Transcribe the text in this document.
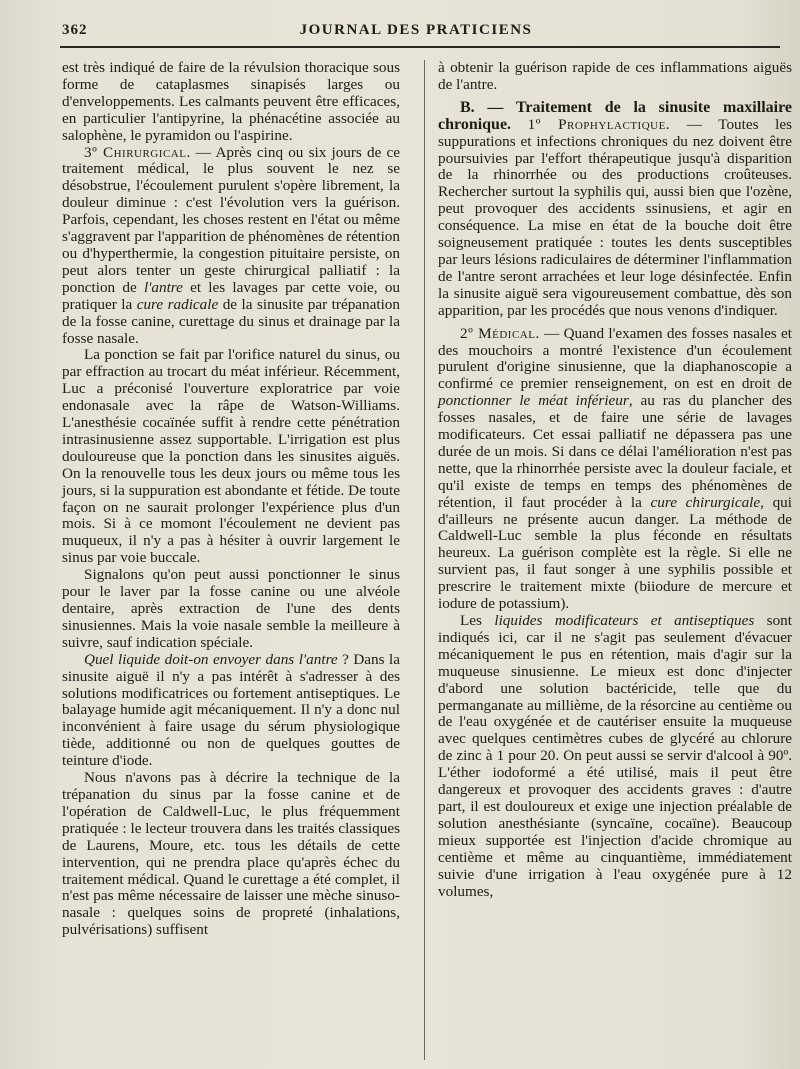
362	JOURNAL DES PRATICIENS

est très indiqué de faire de la révulsion thoracique sous forme de cataplasmes sinapisés larges ou d'enveloppements. Les calmants peuvent être efficaces, en particulier l'antipyrine, la phénacétine associée au salophène, le pyramidon ou l'aspirine.

3º Chirurgical. — Après cinq ou six jours de ce traitement médical, le plus souvent le nez se désobstrue, l'écoulement purulent s'opère librement, la douleur diminue : c'est l'évolution vers la guérison. Parfois, cependant, les choses restent en l'état ou même s'aggravent par l'apparition de phénomènes de rétention ou d'hyperthermie, la congestion pituitaire persiste, on peut alors tenter un geste chirurgical palliatif : la ponction de l'antre et les lavages par cette voie, ou pratiquer la cure radicale de la sinusite par trépanation de la fosse canine, curettage du sinus et drainage par la fosse nasale.

La ponction se fait par l'orifice naturel du sinus, ou par effraction au trocart du méat inférieur. Récemment, Luc a préconisé l'ouverture exploratrice par voie endonasale avec la râpe de Watson-Williams. L'anesthésie cocaïnée suffit à rendre cette pénétration intrasinusienne assez supportable. L'irrigation est plus douloureuse que la ponction dans les sinusites aiguës. On la renouvelle tous les deux jours ou même tous les jours, si la suppuration est abondante et fétide. De toute façon on ne saurait prolonger l'expérience plus d'un mois. Si à ce momont l'écoulement ne devient pas muqueux, il n'y a pas à hésiter à ouvrir largement le sinus par voie buccale.

Signalons qu'on peut aussi ponctionner le sinus pour le laver par la fosse canine ou une alvéole dentaire, après extraction de l'une des dents sinusiennes. Mais la voie nasale semble la meilleure à suivre, sauf indication spéciale.

Quel liquide doit-on envoyer dans l'antre ? Dans la sinusite aiguë il n'y a pas intérêt à s'adresser à des solutions modificatrices ou fortement antiseptiques. Le balayage humide agit mécaniquement. Il n'y a donc nul inconvénient à faire usage du sérum physiologique tiède, additionné ou non de quelques gouttes de teinture d'iode.

Nous n'avons pas à décrire la technique de la trépanation du sinus par la fosse canine et de l'opération de Caldwell-Luc, le plus fréquemment pratiquée : le lecteur trouvera dans les traités classiques de Laurens, Moure, etc. tous les détails de cette intervention, qui ne prendra place qu'après échec du traitement médical. Quand le curettage a été complet, il n'est pas même nécessaire de laisser une mèche sinuso-nasale : quelques soins de propreté (inhalations, pulvérisations) suffisent

à obtenir la guérison rapide de ces inflammations aiguës de l'antre.

B. — Traitement de la sinusite maxillaire chronique. 1º Prophylactique. — Toutes les suppurations et infections chroniques du nez doivent être poursuivies par l'effort thérapeutique jusqu'à disparition de la rhinorrhée ou des productions croûteuses. Rechercher surtout la syphilis qui, aussi bien que l'ozène, peut provoquer des accidents ssinusiens, et agir en conséquence. La mise en état de la bouche doit être soigneusement pratiquée : toutes les dents susceptibles par leurs lésions radiculaires de déterminer l'inflammation de l'antre seront arrachées et leur loge désinfectée. Enfin la sinusite aiguë sera vigoureusement combattue, dès son apparition, par les procédés que nous venons d'indiquer.

2º Médical. — Quand l'examen des fosses nasales et des mouchoirs a montré l'existence d'un écoulement purulent d'origine sinusienne, que la diaphanoscopie a confirmé ce premier renseignement, on est en droit de ponctionner le méat inférieur, au ras du plancher des fosses nasales, et de faire une série de lavages modificateurs. Cet essai palliatif ne dépassera pas une durée de un mois. Si dans ce délai l'amélioration n'est pas nette, que la rhinorrhée persiste avec la douleur faciale, et qu'il existe de temps en temps des phénomènes de rétention, il faut procéder à la cure chirurgicale, qui d'ailleurs ne présente aucun danger. La méthode de Caldwell-Luc semble la plus féconde en résultats heureux. La guérison complète est la règle. Si elle ne survient pas, il faut songer à une syphilis possible et prescrire le traitement mixte (biiodure de mercure et iodure de potassium).

Les liquides modificateurs et antiseptiques sont indiqués ici, car il ne s'agit pas seulement d'évacuer mécaniquement le pus en rétention, mais d'agir sur la muqueuse sinusienne. Le mieux est donc d'injecter d'abord une solution bactéricide, telle que du permanganate au millième, de la résorcine au centième ou de l'eau oxygénée et de cautériser ensuite la muqueuse avec quelques centimètres cubes de glycéré au chlorure de zinc à 1 pour 20. On peut aussi se servir d'alcool à 90º. L'éther iodoformé a été utilisé, mais il peut être dangereux et provoquer des accidents graves : d'autre part, il est douloureux et exige une injection préalable de solution anesthésiante (syncaïne, cocaïne). Beaucoup mieux supportée est l'injection d'acide chromique au centième et même au cinquantième, immédiatement suivie d'une irrigation à l'eau oxygénée pure à 12 volumes,
